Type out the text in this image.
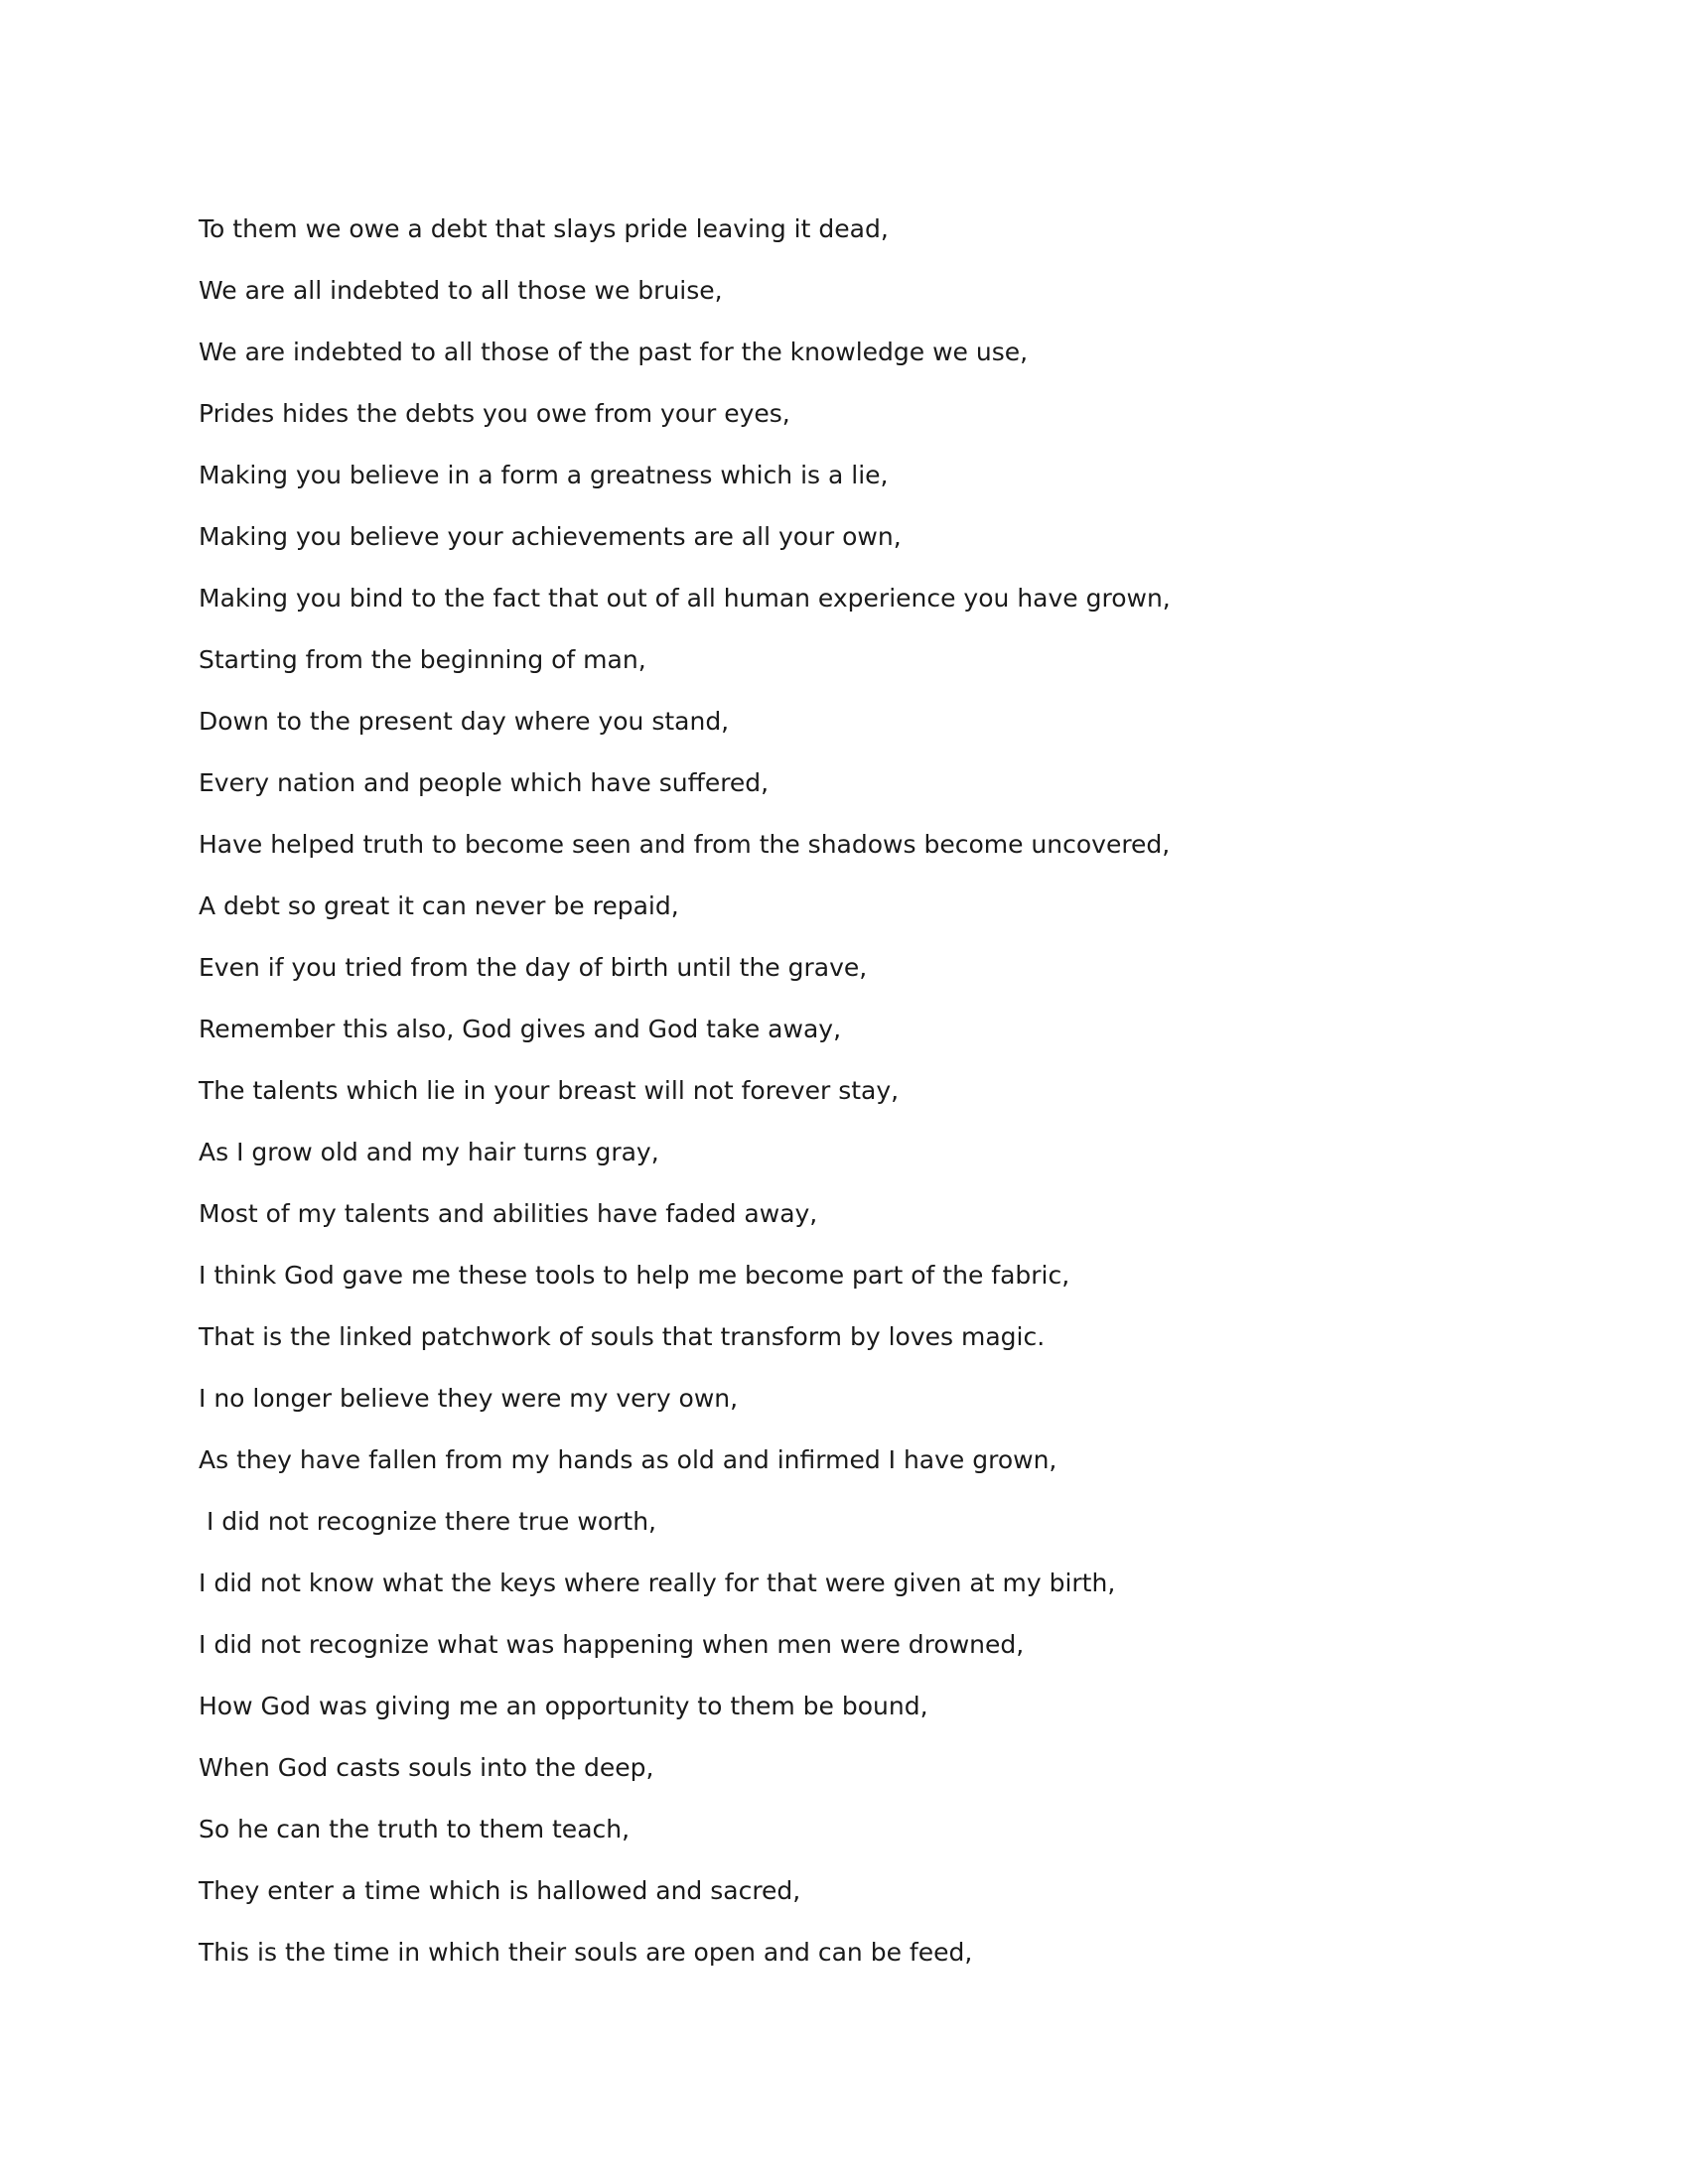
To them we owe a debt that slays pride leaving it dead,

We are all indebted to all those we bruise,

We are indebted to all those of the past for the knowledge we use,

Prides hides the debts you owe from your eyes,

Making you believe in a form a greatness which is a lie,

Making you believe your achievements are all your own,

Making you bind to the fact that out of all human experience you have grown,

Starting from the beginning of man,

Down to the present day where you stand,

Every nation and people which have suffered,

Have helped truth to become seen and from the shadows become uncovered,

A debt so great it can never be repaid,

Even if you tried from the day of birth until the grave,

Remember this also, God gives and God take away,

The talents which lie in your breast will not forever stay,

As I grow old and my hair turns gray,

Most of my talents and abilities have faded away,

I think God gave me these tools to help me become part of the fabric,

That is the linked patchwork of souls that transform by loves magic.

I no longer believe they were my very own,

As they have fallen from my hands as old and infirmed I have grown,

I did not recognize there true worth,

I did not know what the keys where really for that were given at my birth,

I did not recognize what was happening when men were drowned,

How God was giving me an opportunity to them be bound,

When God casts souls into the deep,

So he can the truth to them teach,

They enter a time which is hallowed and sacred,

This is the time in which their souls are open and can be feed,
